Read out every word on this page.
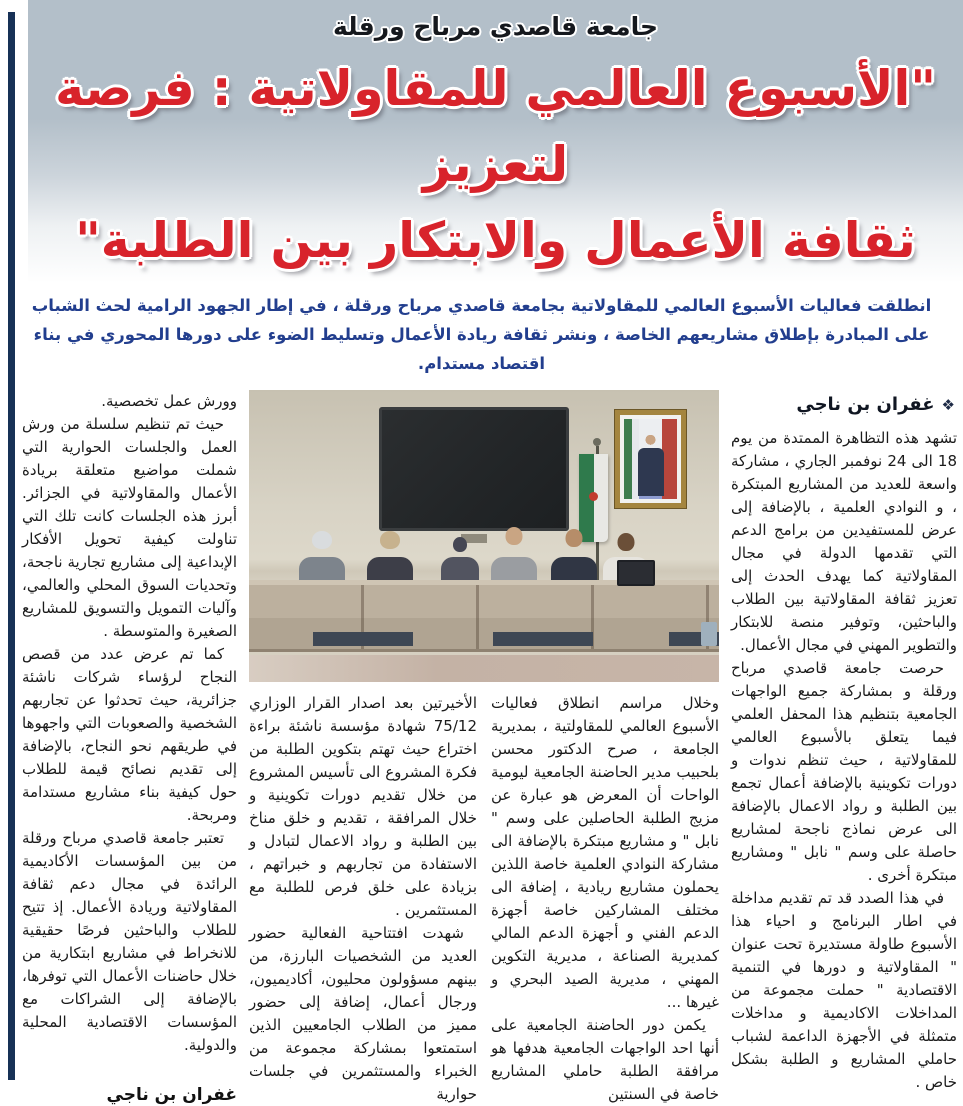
جامعة قاصدي مرباح ورقلة
"الأسبوع العالمي للمقاولاتية : فرصة لتعزيز
ثقافة الأعمال والابتكار بين الطلبة"

انطلقت فعاليات الأسبوع العالمي للمقاولاتية بجامعة قاصدي مرباح ورقلة ، في إطار الجهود الرامية لحث الشباب على المبادرة بإطلاق مشاريعهم الخاصة ، ونشر ثقافة ريادة الأعمال وتسليط الضوء على دورها المحوري في بناء اقتصاد مستدام.

❖غفران بن ناجي

تشهد هذه التظاهرة الممتدة من يوم 18 الى 24 نوفمبر الجاري ، مشاركة واسعة للعديد من المشاريع المبتكرة ، و النوادي العلمية ، بالإضافة إلى عرض للمستفيدين من برامج الدعم التي تقدمها الدولة في مجال المقاولاتية كما يهدف الحدث إلى تعزيز ثقافة المقاولاتية بين الطلاب والباحثين، وتوفير منصة للابتكار والتطوير المهني في مجال الأعمال.

حرصت جامعة قاصدي مرباح ورقلة و بمشاركة جميع الواجهات الجامعية بتنظيم هذا المحفل العلمي فيما يتعلق بالأسبوع العالمي للمقاولاتية ، حيث تنظم ندوات و دورات تكوينية بالإضافة أعمال تجمع بين الطلبة و رواد الاعمال بالإضافة الى عرض نماذج ناجحة لمشاريع حاصلة على وسم " نابل " ومشاريع مبتكرة أخرى .

في هذا الصدد قد تم تقديم مداخلة في اطار البرنامج و احياء هذا الأسبوع طاولة مستديرة تحت عنوان " المقاولاتية و دورها في التنمية الاقتصادية " حملت مجموعة من المداخلات الاكاديمية و مداخلات متمثلة في الأجهزة الداعمة لشباب حاملي المشاريع و الطلبة بشكل خاص .

وخلال مراسم انطلاق فعاليات الأسبوع العالمي للمقاولتية ، بمديرية الجامعة ، صرح الدكتور محسن بلحبيب مدير الحاضنة الجامعية ليومية الواحات أن المعرض هو عبارة عن مزيج الطلبة الحاصلين على وسم " نابل " و مشاريع مبتكرة بالإضافة الى مشاركة النوادي العلمية خاصة اللذين يحملون مشاريع ريادية ، إضافة الى مختلف المشاركين خاصة أجهزة الدعم الفني و أجهزة الدعم المالي كمديرية الصناعة ، مديرية التكوين المهني ، مديرية الصيد البحري و غيرها ...

يكمن دور الحاضنة الجامعية على أنها احد الواجهات الجامعية هدفها هو مرافقة الطلبة حاملي المشاريع خاصة في السنتين

الأخيرتين بعد اصدار القرار الوزاري 75/12 شهادة مؤسسة ناشئة براءة اختراع حيث تهتم بتكوين الطلبة من فكرة المشروع الى تأسيس المشروع من خلال تقديم دورات تكوينية و خلال المرافقة ، تقديم و خلق مناخ بين الطلبة و رواد الاعمال لتبادل و الاستفادة من تجاربهم و خبراتهم ، بزيادة على خلق فرص للطلبة مع المستثمرين .

شهدت افتتاحية الفعالية حضور العديد من الشخصيات البارزة، من بينهم مسؤولون محليون، أكاديميون، ورجال أعمال، إضافة إلى حضور مميز من الطلاب الجامعيين الذين استمتعوا بمشاركة مجموعة من الخبراء والمستثمرين في جلسات حوارية

وورش عمل تخصصية.

حيث تم تنظيم سلسلة من ورش العمل والجلسات الحوارية التي شملت مواضيع متعلقة بريادة الأعمال والمقاولاتية في الجزائر. أبرز هذه الجلسات كانت تلك التي تناولت كيفية تحويل الأفكار الإبداعية إلى مشاريع تجارية ناجحة، وتحديات السوق المحلي والعالمي، وآليات التمويل والتسويق للمشاريع الصغيرة والمتوسطة .

كما تم عرض عدد من قصص النجاح لرؤساء شركات ناشئة جزائرية، حيث تحدثوا عن تجاربهم الشخصية والصعوبات التي واجهوها في طريقهم نحو النجاح، بالإضافة إلى تقديم نصائح قيمة للطلاب حول كيفية بناء مشاريع مستدامة ومربحة.

تعتبر جامعة قاصدي مرباح ورقلة من بين المؤسسات الأكاديمية الرائدة في مجال دعم ثقافة المقاولاتية وريادة الأعمال. إذ تتيح للطلاب والباحثين فرصًا حقيقية للانخراط في مشاريع ابتكارية من خلال حاضنات الأعمال التي توفرها، بالإضافة إلى الشراكات مع المؤسسات الاقتصادية المحلية والدولية.

غفران بن ناجي
